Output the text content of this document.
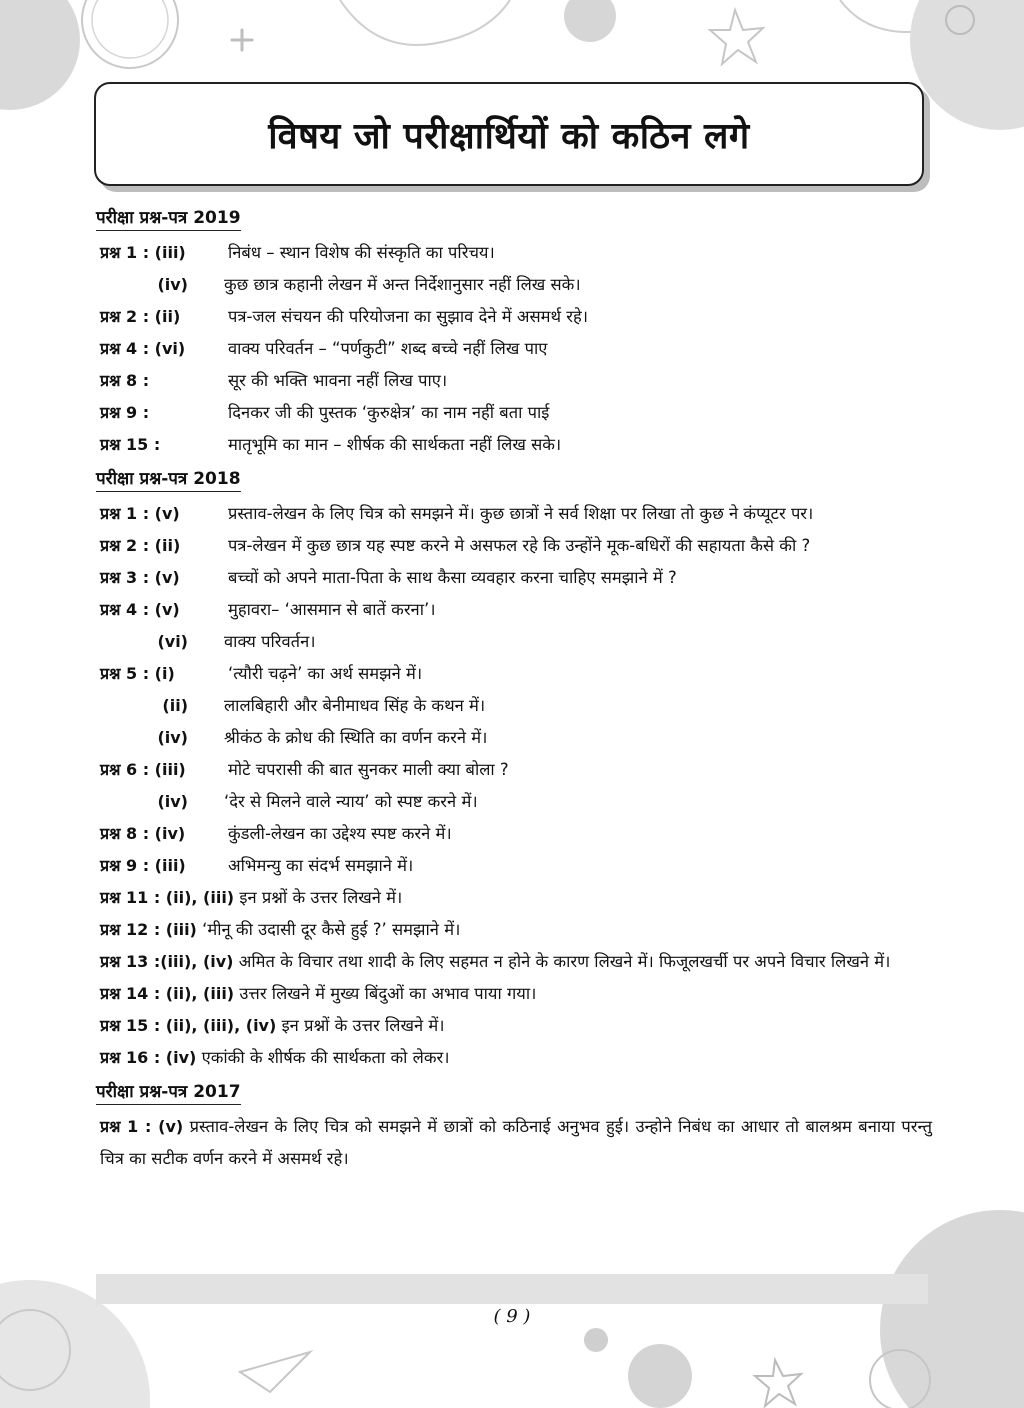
विषय जो परीक्षार्थियों को कठिन लगे
परीक्षा प्रश्न-पत्र 2019
प्रश्न 1 : (iii)	निबंध – स्थान विशेष की संस्कृति का परिचय।
(iv)	कुछ छात्र कहानी लेखन में अन्त निर्देशानुसार नहीं लिख सके।
प्रश्न 2 : (ii)	पत्र-जल संचयन की परियोजना का सुझाव देने में असमर्थ रहे।
प्रश्न 4 : (vi)	वाक्य परिवर्तन – “पर्णकुटी” शब्द बच्चे नहीं लिख पाए
प्रश्न 8 :	सूर की भक्ति भावना नहीं लिख पाए।
प्रश्न 9 :	दिनकर जी की पुस्तक ‘कुरुक्षेत्र’ का नाम नहीं बता पाई
प्रश्न 15 :	मातृभूमि का मान – शीर्षक की सार्थकता नहीं लिख सके।
परीक्षा प्रश्न-पत्र 2018
प्रश्न 1 : (v)	प्रस्ताव-लेखन के लिए चित्र को समझने में। कुछ छात्रों ने सर्व शिक्षा पर लिखा तो कुछ ने कंप्यूटर पर।
प्रश्न 2 : (ii)	पत्र-लेखन में कुछ छात्र यह स्पष्ट करने मे असफल रहे कि उन्होंने मूक-बधिरों की सहायता कैसे की ?
प्रश्न 3 : (v)	बच्चों को अपने माता-पिता के साथ कैसा व्यवहार करना चाहिए समझाने में ?
प्रश्न 4 : (v)	मुहावरा– ‘आसमान से बातें करना’।
(vi)	वाक्य परिवर्तन।
प्रश्न 5 : (i)	‘त्यौरी चढ़ने’ का अर्थ समझने में।
(ii)	लालबिहारी और बेनीमाधव सिंह के कथन में।
(iv)	श्रीकंठ के क्रोध की स्थिति का वर्णन करने में।
प्रश्न 6 : (iii)	मोटे चपरासी की बात सुनकर माली क्या बोला ?
(iv)	‘देर से मिलने वाले न्याय’ को स्पष्ट करने में।
प्रश्न 8 : (iv)	कुंडली-लेखन का उद्देश्य स्पष्ट करने में।
प्रश्न 9 : (iii)	अभिमन्यु का संदर्भ समझाने में।
प्रश्न 11 : (ii), (iii) इन प्रश्नों के उत्तर लिखने में।
प्रश्न 12 : (iii) ‘मीनू की उदासी दूर कैसे हुई ?’ समझाने में।
प्रश्न 13 :(iii), (iv) अमित के विचार तथा शादी के लिए सहमत न होने के कारण लिखने में। फिजूलखर्ची पर अपने विचार लिखने में।
प्रश्न 14 : (ii), (iii) उत्तर लिखने में मुख्य बिंदुओं का अभाव पाया गया।
प्रश्न 15 : (ii), (iii), (iv) इन प्रश्नों के उत्तर लिखने में।
प्रश्न 16 : (iv) एकांकी के शीर्षक की सार्थकता को लेकर।
परीक्षा प्रश्न-पत्र 2017
प्रश्न 1 : (v) प्रस्ताव-लेखन के लिए चित्र को समझने में छात्रों को कठिनाई अनुभव हुई। उन्होने निबंध का आधार तो बालश्रम बनाया परन्तु चित्र का सटीक वर्णन करने में असमर्थ रहे।
( 9 )
